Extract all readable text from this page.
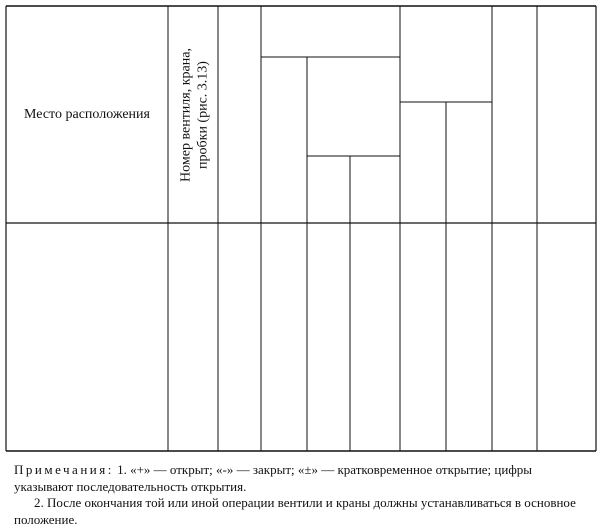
Место расположения Номер вентиля, крана, пробки (рис. 3.13)
Примечания: 1. «+» — открыт; «-» — закрыт; «±» — кратковременное открытие; цифры указывают последовательность открытия.
2. После окончания той или иной операции вентили и краны должны устанавливаться в основное положение.
